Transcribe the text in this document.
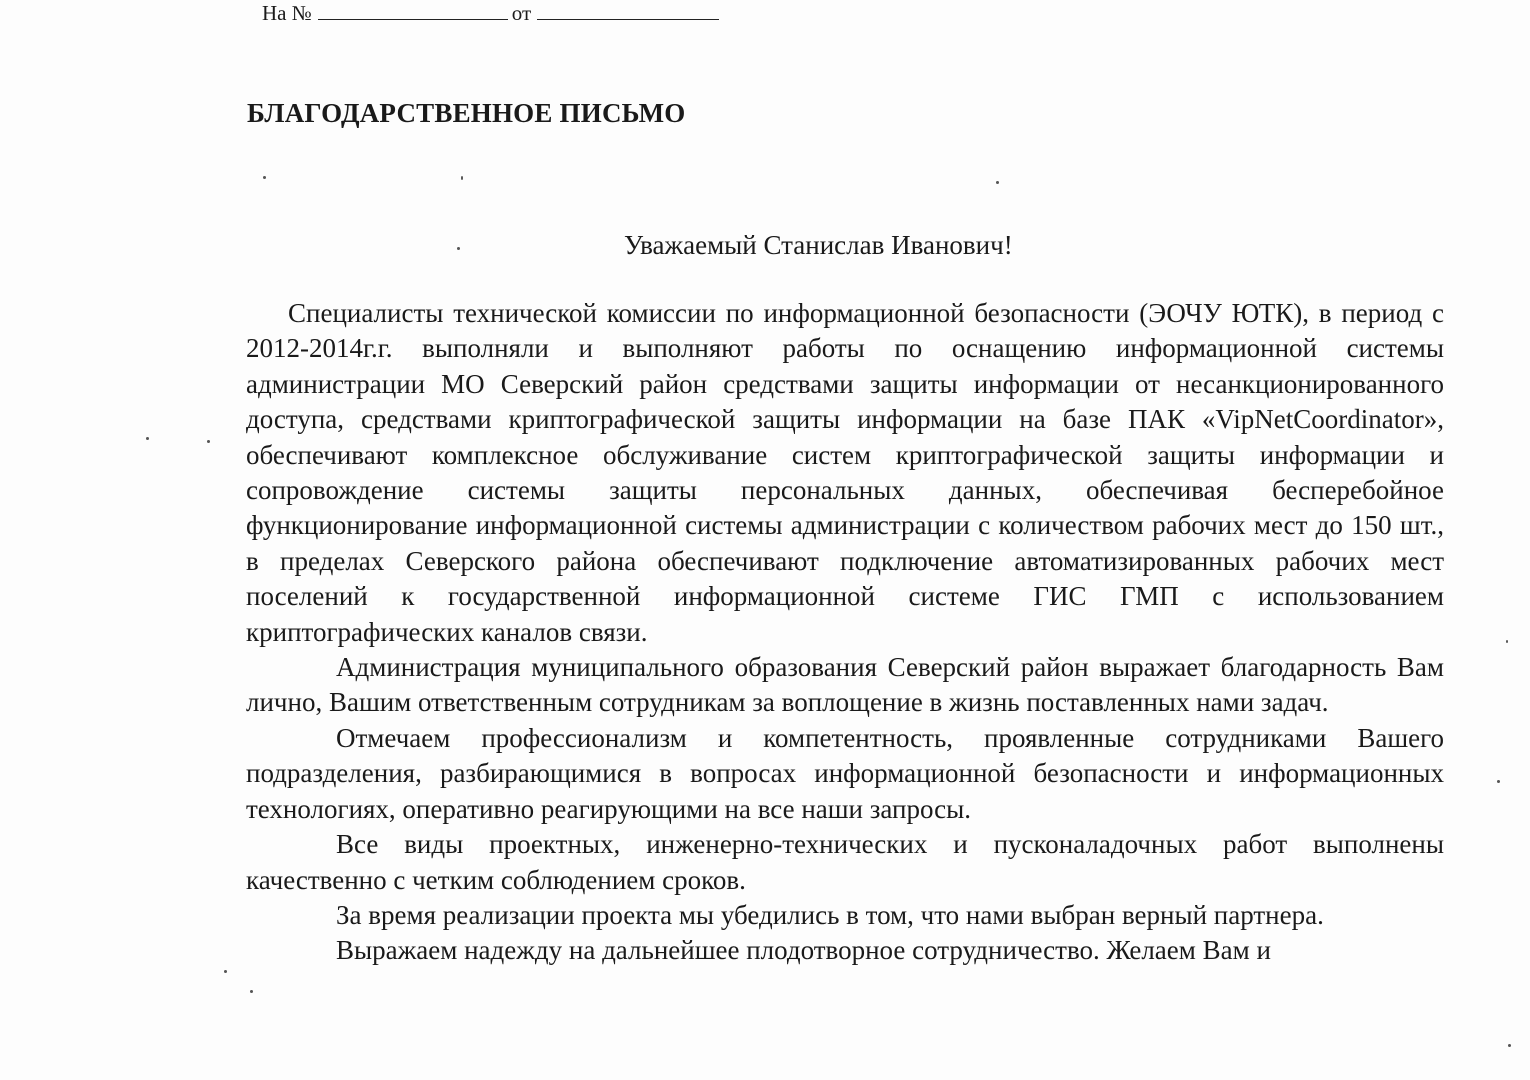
На №	от
БЛАГОДАРСТВЕННОЕ ПИСЬМО
Уважаемый Станислав Иванович!

Специалисты технической комиссии по информационной безопасности (ЭОЧУ ЮТК), в период с 2012-2014г.г. выполняли и выполняют работы по оснащению информационной системы администрации МО Северский район средствами защиты информации от несанкционированного доступа, средствами криптографической защиты информации на базе ПАК «VipNetCoordinator», обеспечивают комплексное обслуживание систем криптографической защиты информации и сопровождение системы защиты персональных данных, обеспечивая бесперебойное функционирование информационной системы администрации с количеством рабочих мест до 150 шт., в пределах Северского района обеспечивают подключение автоматизированных рабочих мест поселений к государственной информационной системе ГИС ГМП с использованием криптографических каналов связи.

Администрация муниципального образования Северский район выражает благодарность Вам лично, Вашим ответственным сотрудникам за воплощение в жизнь поставленных нами задач.

Отмечаем профессионализм и компетентность, проявленные сотрудниками Вашего подразделения, разбирающимися в вопросах информационной безопасности и информационных технологиях, оперативно реагирующими на все наши запросы.

Все виды проектных, инженерно-технических и пусконаладочных работ выполнены качественно с четким соблюдением сроков.

За время реализации проекта мы убедились в том, что нами выбран верный партнера.

Выражаем надежду на дальнейшее плодотворное сотрудничество. Желаем Вам и
